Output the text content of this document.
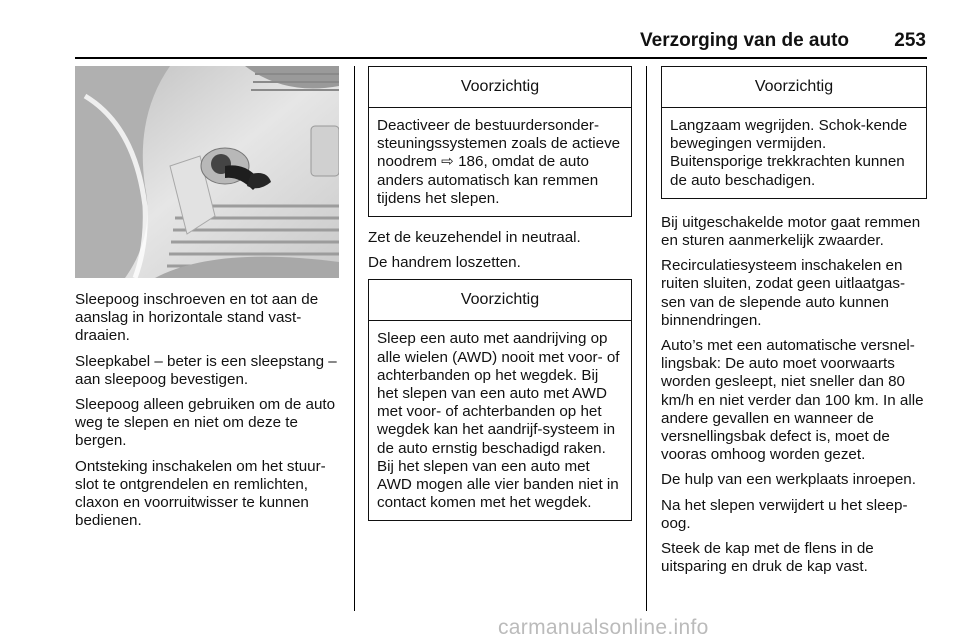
Verzorging van de auto 253

Sleepoog inschroeven en tot aan de aanslag in horizontale stand vast-draaien.

Sleepkabel – beter is een sleepstang – aan sleepoog bevestigen.

Sleepoog alleen gebruiken om de auto weg te slepen en niet om deze te bergen.

Ontsteking inschakelen om het stuur-slot te ontgrendelen en remlichten, claxon en voorruitwisser te kunnen bedienen.

Voorzichtig
Deactiveer de bestuurdersonder-steuningssystemen zoals de actieve noodrem ⇨ 186, omdat de auto anders automatisch kan remmen tijdens het slepen.

Zet de keuzehendel in neutraal.

De handrem loszetten.

Voorzichtig
Sleep een auto met aandrijving op alle wielen (AWD) nooit met voor- of achterbanden op het wegdek. Bij het slepen van een auto met AWD met voor- of achterbanden op het wegdek kan het aandrijf-systeem in de auto ernstig beschadigd raken. Bij het slepen van een auto met AWD mogen alle vier banden niet in contact komen met het wegdek.
Voorzichtig
Langzaam wegrijden. Schok-kende bewegingen vermijden. Buitensporige trekkrachten kunnen de auto beschadigen.

Bij uitgeschakelde motor gaat remmen en sturen aanmerkelijk zwaarder.

Recirculatiesysteem inschakelen en ruiten sluiten, zodat geen uitlaatgas-sen van de slepende auto kunnen binnendringen.

Auto’s met een automatische versnel-lingsbak: De auto moet voorwaarts worden gesleept, niet sneller dan 80 km/h en niet verder dan 100 km. In alle andere gevallen en wanneer de versnellingsbak defect is, moet de vooras omhoog worden gezet.

De hulp van een werkplaats inroepen.

Na het slepen verwijdert u het sleep-oog.

Steek de kap met de flens in de uitsparing en druk de kap vast.

carmanualsonline.info
